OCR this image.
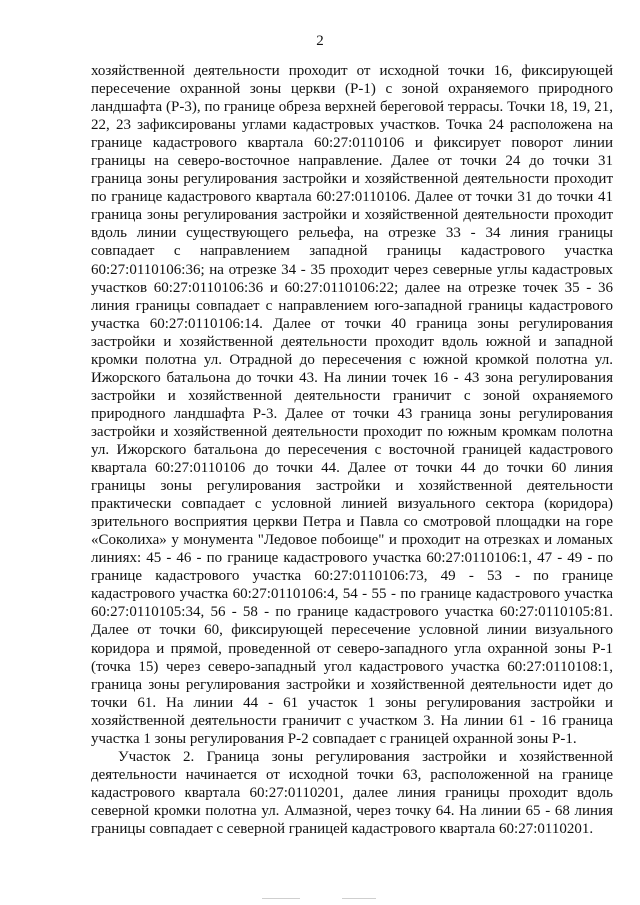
2

хозяйственной деятельности проходит от исходной точки 16, фиксирующей пересечение охранной зоны церкви (Р-1) с зоной охраняемого природного ландшафта (Р-3), по границе обреза верхней береговой террасы. Точки 18, 19, 21, 22, 23 зафиксированы углами кадастровых участков. Точка 24 расположена на границе кадастрового квартала 60:27:0110106 и фиксирует поворот линии границы на северо-восточное направление. Далее от точки 24 до точки 31 граница зоны регулирования застройки и хозяйственной деятельности проходит по границе кадастрового квартала 60:27:0110106. Далее от точки 31 до точки 41 граница зоны регулирования застройки и хозяйственной деятельности проходит вдоль линии существующего рельефа, на отрезке 33 - 34 линия границы совпадает с направлением западной границы кадастрового участка 60:27:0110106:36; на отрезке 34 - 35 проходит через северные углы кадастровых участков 60:27:0110106:36 и 60:27:0110106:22; далее на отрезке точек 35 - 36 линия границы совпадает с направлением юго-западной границы кадастрового участка 60:27:0110106:14. Далее от точки 40 граница зоны регулирования застройки и хозяйственной деятельности проходит вдоль южной и западной кромки полотна ул. Отрадной до пересечения с южной кромкой полотна ул. Ижорского батальона до точки 43. На линии точек 16 - 43 зона регулирования застройки и хозяйственной деятельности граничит с зоной охраняемого природного ландшафта Р-3. Далее от точки 43 граница зоны регулирования застройки и хозяйственной деятельности проходит по южным кромкам полотна ул. Ижорского батальона до пересечения с восточной границей кадастрового квартала 60:27:0110106 до точки 44. Далее от точки 44 до точки 60 линия границы зоны регулирования застройки и хозяйственной деятельности практически совпадает с условной линией визуального сектора (коридора) зрительного восприятия церкви Петра и Павла со смотровой площадки на горе «Соколиха» у монумента "Ледовое побоище" и проходит на отрезках и ломаных линиях: 45 - 46 - по границе кадастрового участка 60:27:0110106:1, 47 - 49 - по границе кадастрового участка 60:27:0110106:73, 49 - 53 - по границе кадастрового участка 60:27:0110106:4, 54 - 55 - по границе кадастрового участка 60:27:0110105:34, 56 - 58 - по границе кадастрового участка 60:27:0110105:81. Далее от точки 60, фиксирующей пересечение условной линии визуального коридора и прямой, проведенной от северо-западного угла охранной зоны Р-1 (точка 15) через северо-западный угол кадастрового участка 60:27:0110108:1, граница зоны регулирования застройки и хозяйственной деятельности идет до точки 61. На линии 44 - 61 участок 1 зоны регулирования застройки и хозяйственной деятельности граничит с участком 3. На линии 61 - 16 граница участка 1 зоны регулирования Р-2 совпадает с границей охранной зоны Р-1.

Участок 2. Граница зоны регулирования застройки и хозяйственной деятельности начинается от исходной точки 63, расположенной на границе кадастрового квартала 60:27:0110201, далее линия границы проходит вдоль северной кромки полотна ул. Алмазной, через точку 64. На линии 65 - 68 линия границы совпадает с северной границей кадастрового квартала 60:27:0110201.
